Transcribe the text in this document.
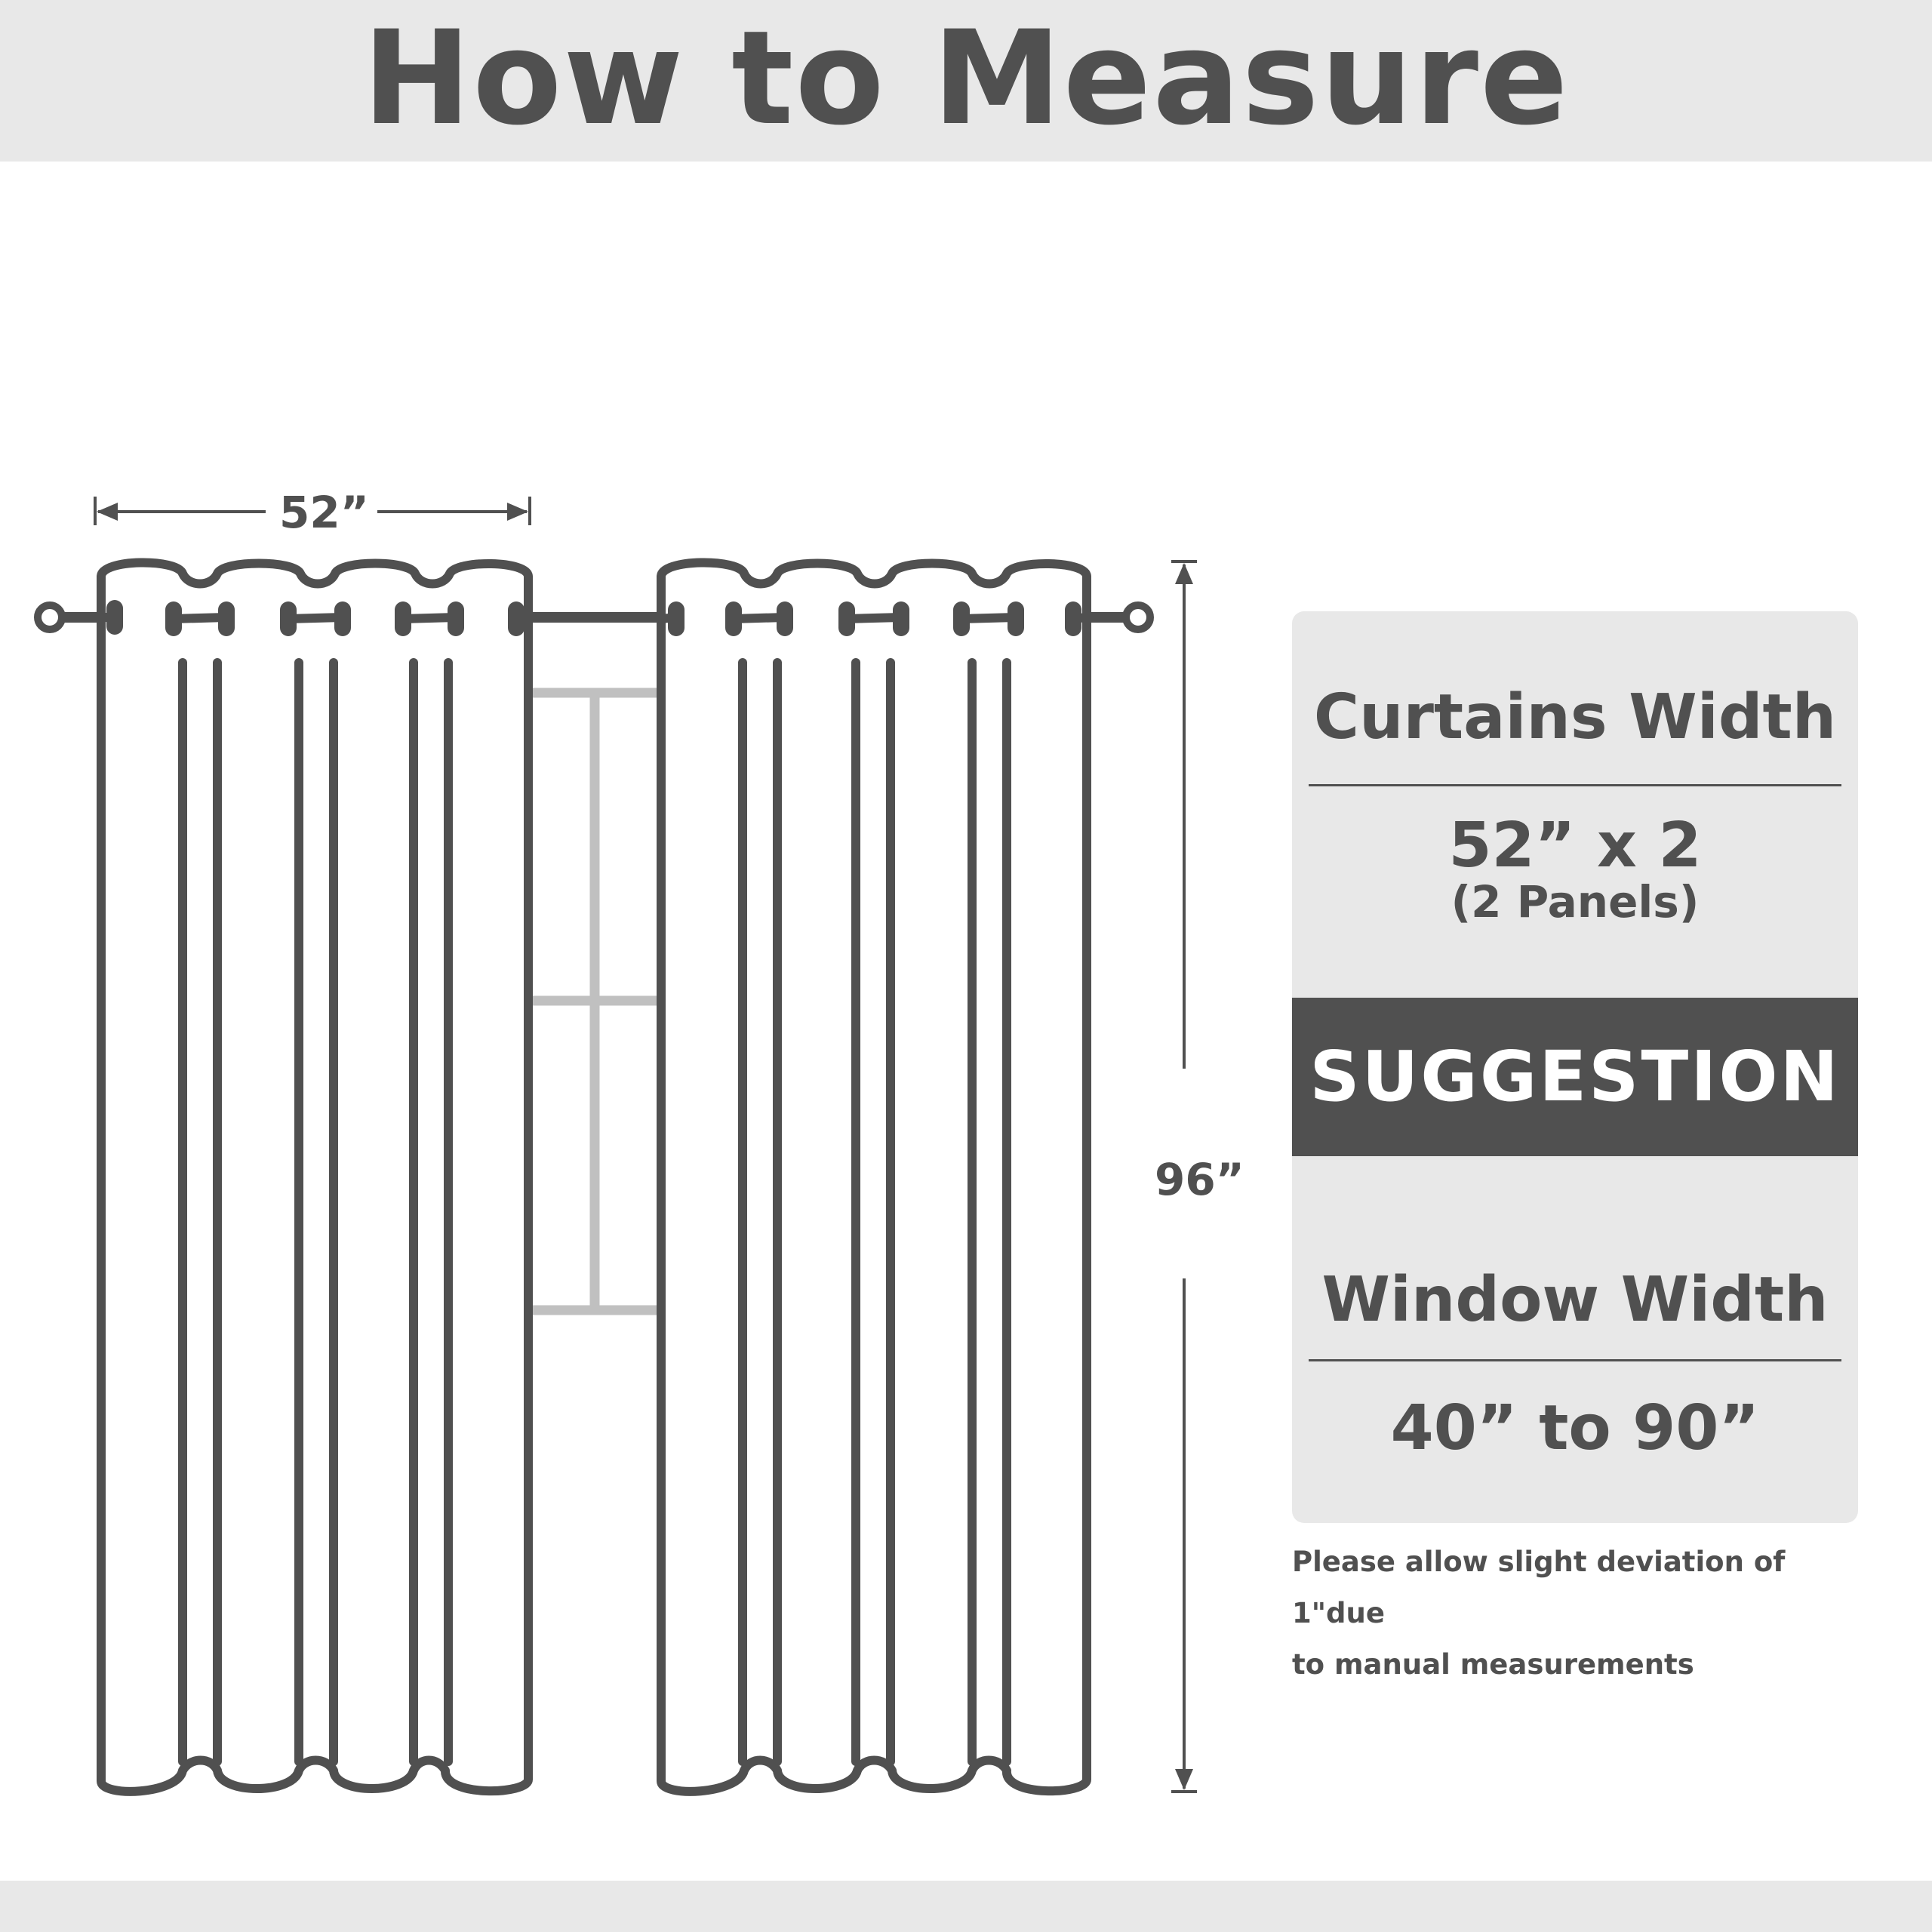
How to Measure
52”
96”
Curtains Width
52” x 2
(2 Panels)
SUGGESTION
Window Width
40” to 90”
Please allow slight deviation of 1"due
to manual measurements
